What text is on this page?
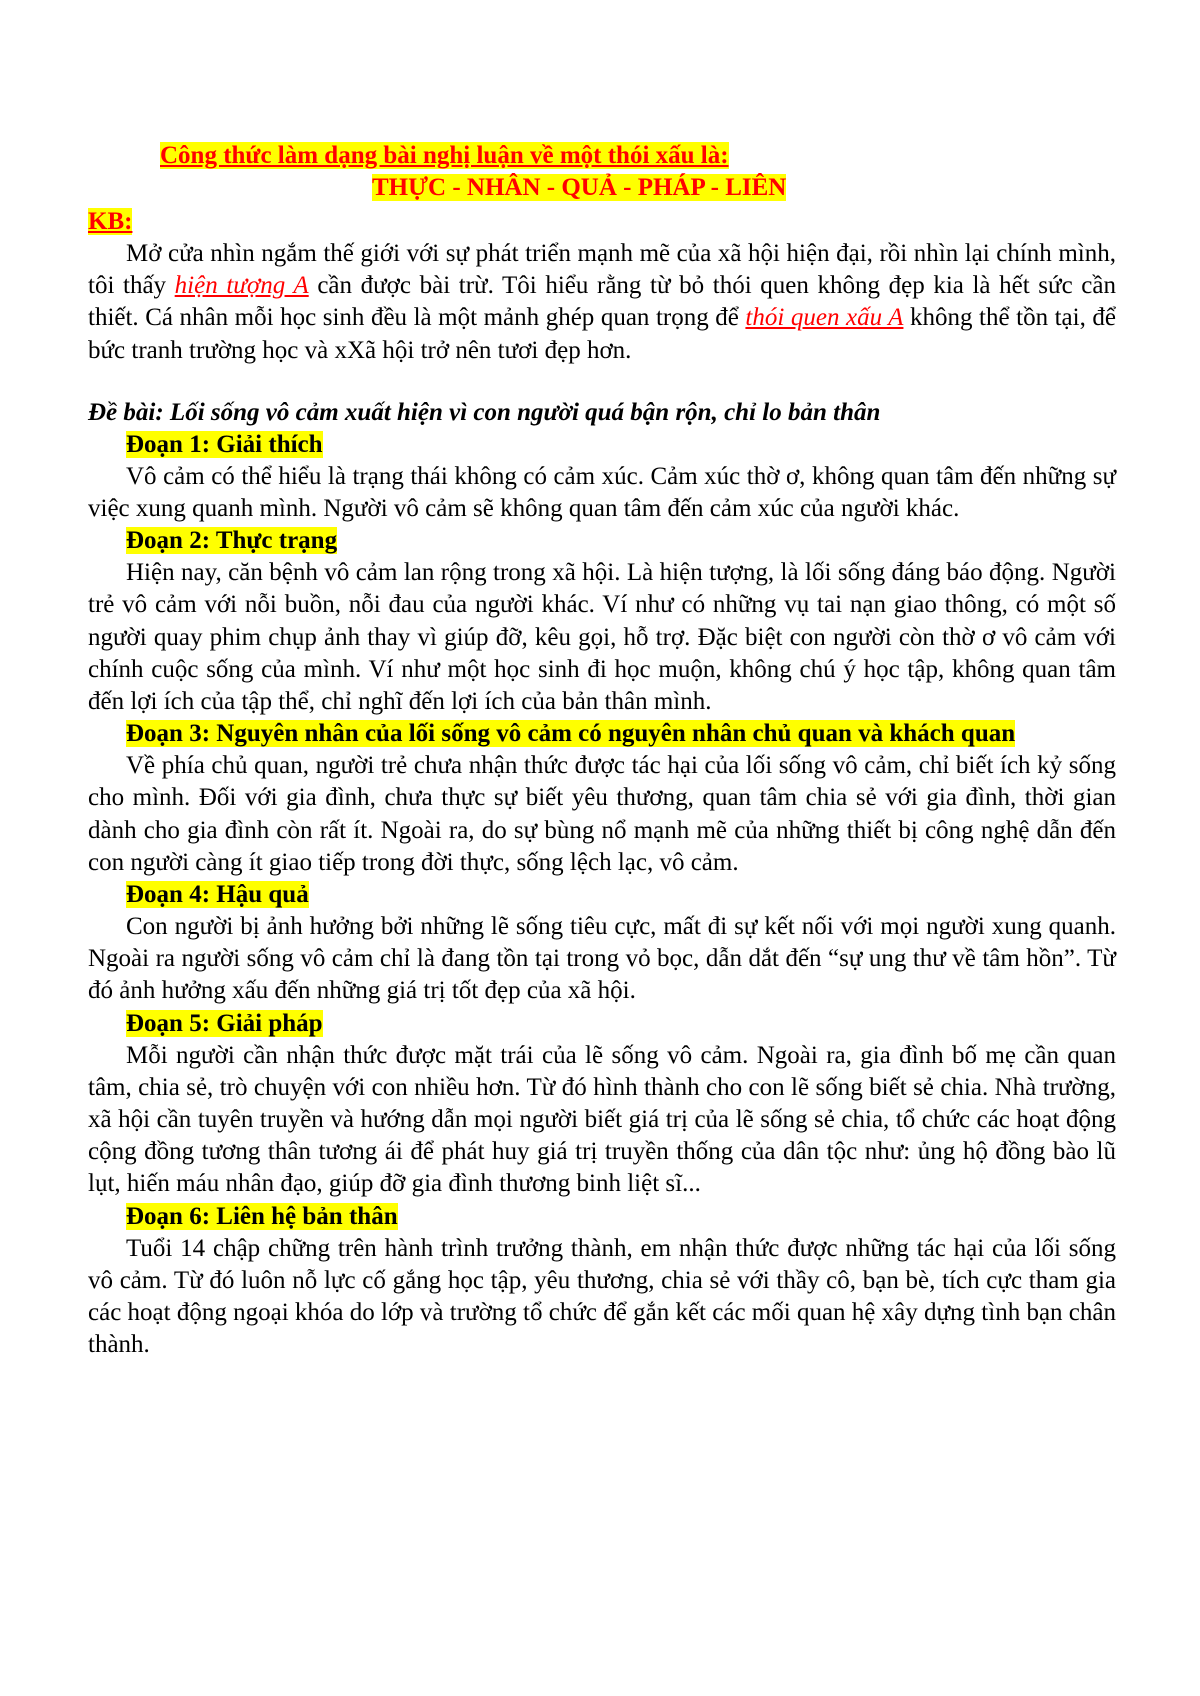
Công thức làm dạng bài nghị luận về một thói xấu là:
THỰC - NHÂN - QUẢ - PHÁP - LIÊN
KB:

Mở cửa nhìn ngắm thế giới với sự phát triển mạnh mẽ của xã hội hiện đại, rồi nhìn lại chính mình, tôi thấy hiện tượng A cần được bài trừ. Tôi hiểu rằng từ bỏ thói quen không đẹp kia là hết sức cần thiết. Cá nhân mỗi học sinh đều là một mảnh ghép quan trọng để thói quen xấu A không thể tồn tại, để bức tranh trường học và xXã hội trở nên tươi đẹp hơn.

Đề bài: Lối sống vô cảm xuất hiện vì con người quá bận rộn, chỉ lo bản thân
Đoạn 1: Giải thích

Vô cảm có thể hiểu là trạng thái không có cảm xúc. Cảm xúc thờ ơ, không quan tâm đến những sự việc xung quanh mình. Người vô cảm sẽ không quan tâm đến cảm xúc của người khác.

Đoạn 2: Thực trạng

Hiện nay, căn bệnh vô cảm lan rộng trong xã hội. Là hiện tượng, là lối sống đáng báo động. Người trẻ vô cảm với nỗi buồn, nỗi đau của người khác. Ví như có những vụ tai nạn giao thông, có một số người quay phim chụp ảnh thay vì giúp đỡ, kêu gọi, hỗ trợ. Đặc biệt con người còn thờ ơ vô cảm với chính cuộc sống của mình. Ví như một học sinh đi học muộn, không chú ý học tập, không quan tâm đến lợi ích của tập thể, chỉ nghĩ đến lợi ích của bản thân mình.

Đoạn 3: Nguyên nhân của lối sống vô cảm có nguyên nhân chủ quan và khách quan

Về phía chủ quan, người trẻ chưa nhận thức được tác hại của lối sống vô cảm, chỉ biết ích kỷ sống cho mình. Đối với gia đình, chưa thực sự biết yêu thương, quan tâm chia sẻ với gia đình, thời gian dành cho gia đình còn rất ít. Ngoài ra, do sự bùng nổ mạnh mẽ của những thiết bị công nghệ dẫn đến con người càng ít giao tiếp trong đời thực, sống lệch lạc, vô cảm.

Đoạn 4: Hậu quả

Con người bị ảnh hưởng bởi những lẽ sống tiêu cực, mất đi sự kết nối với mọi người xung quanh. Ngoài ra người sống vô cảm chỉ là đang tồn tại trong vỏ bọc, dẫn dắt đến “sự ung thư về tâm hồn”. Từ đó ảnh hưởng xấu đến những giá trị tốt đẹp của xã hội.

Đoạn 5: Giải pháp

Mỗi người cần nhận thức được mặt trái của lẽ sống vô cảm. Ngoài ra, gia đình bố mẹ cần quan tâm, chia sẻ, trò chuyện với con nhiều hơn. Từ đó hình thành cho con lẽ sống biết sẻ chia. Nhà trường, xã hội cần tuyên truyền và hướng dẫn mọi người biết giá trị của lẽ sống sẻ chia, tổ chức các hoạt động cộng đồng tương thân tương ái để phát huy giá trị truyền thống của dân tộc như: ủng hộ đồng bào lũ lụt, hiến máu nhân đạo, giúp đỡ gia đình thương binh liệt sĩ...

Đoạn 6: Liên hệ bản thân

Tuổi 14 chập chững trên hành trình trưởng thành, em nhận thức được những tác hại của lối sống vô cảm. Từ đó luôn nỗ lực cố gắng học tập, yêu thương, chia sẻ với thầy cô, bạn bè, tích cực tham gia các hoạt động ngoại khóa do lớp và trường tổ chức để gắn kết các mối quan hệ xây dựng tình bạn chân thành.
